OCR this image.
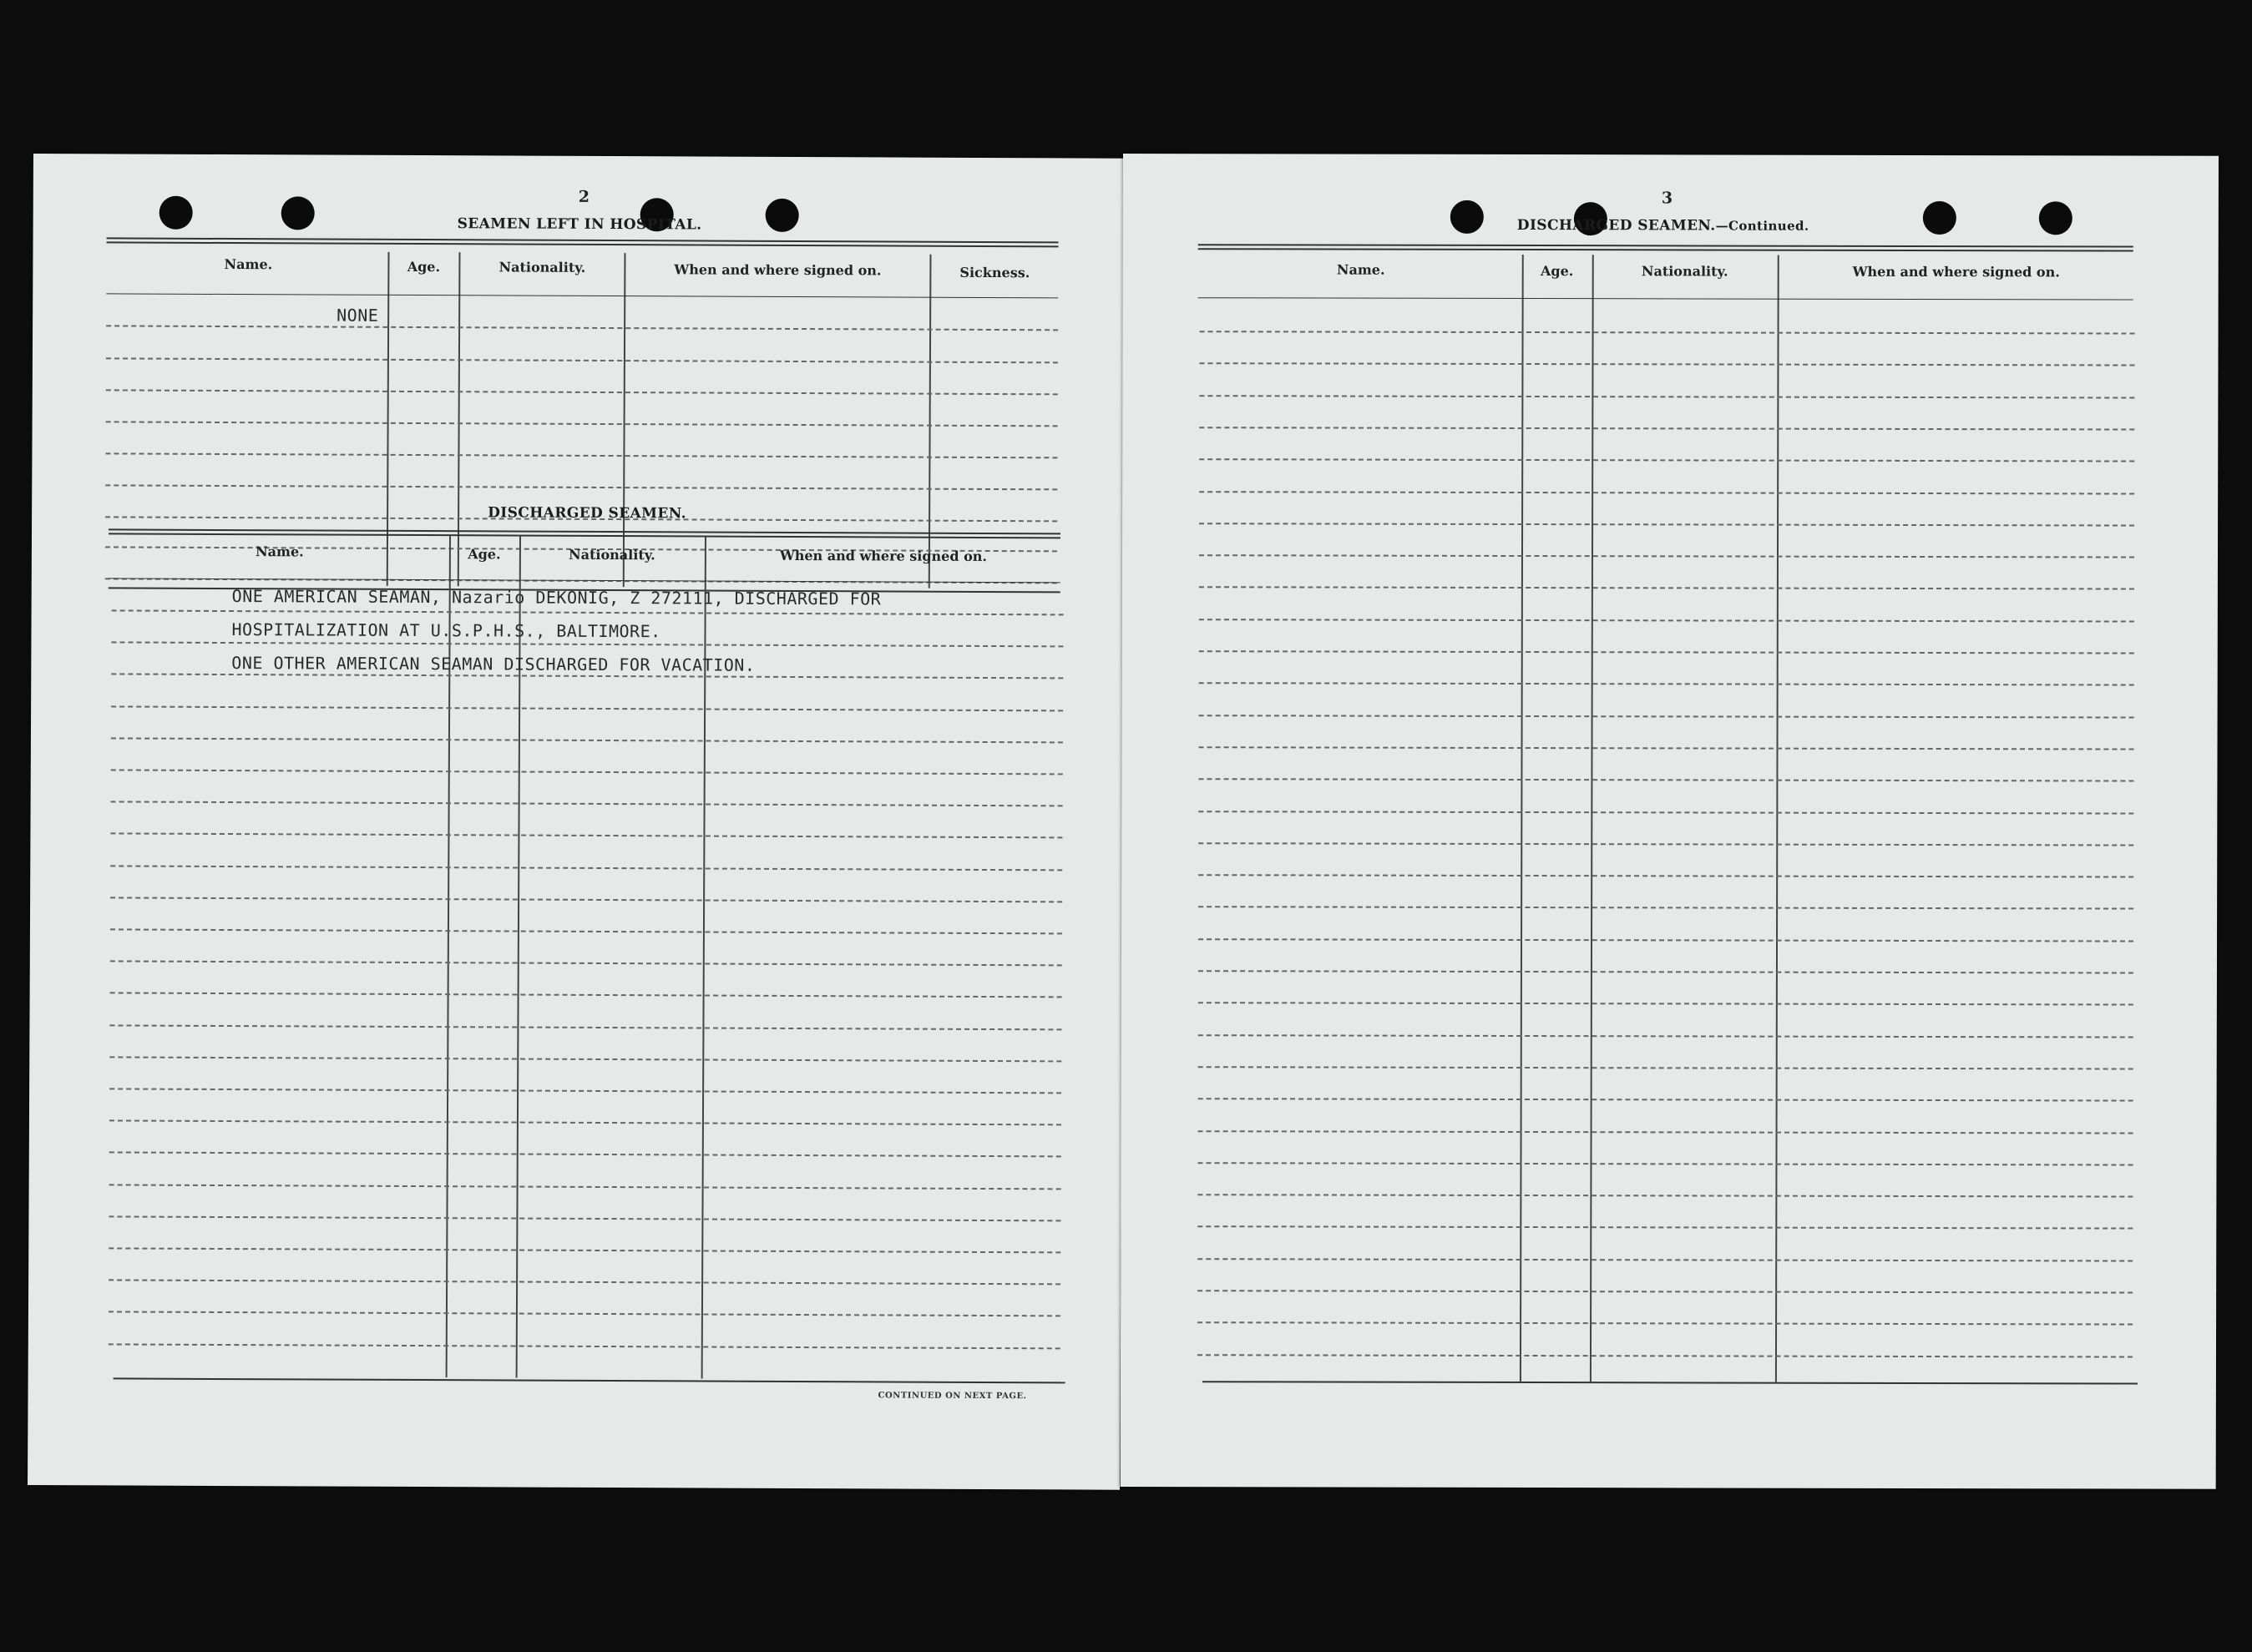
2
SEAMEN LEFT IN HOSPITAL.
Name.	Age.	Nationality.	When and where signed on.	Sickness.
NONE
DISCHARGED SEAMEN.
Name.	Age.	Nationality.	When and where signed on.
ONE AMERICAN SEAMAN, Nazario DEKONIG, Z 272111, DISCHARGED FOR
HOSPITALIZATION AT U.S.P.H.S., BALTIMORE.
ONE OTHER AMERICAN SEAMAN DISCHARGED FOR VACATION.
CONTINUED ON NEXT PAGE.
3
DISCHARGED SEAMEN.—Continued.
Name.	Age.	Nationality.	When and where signed on.
